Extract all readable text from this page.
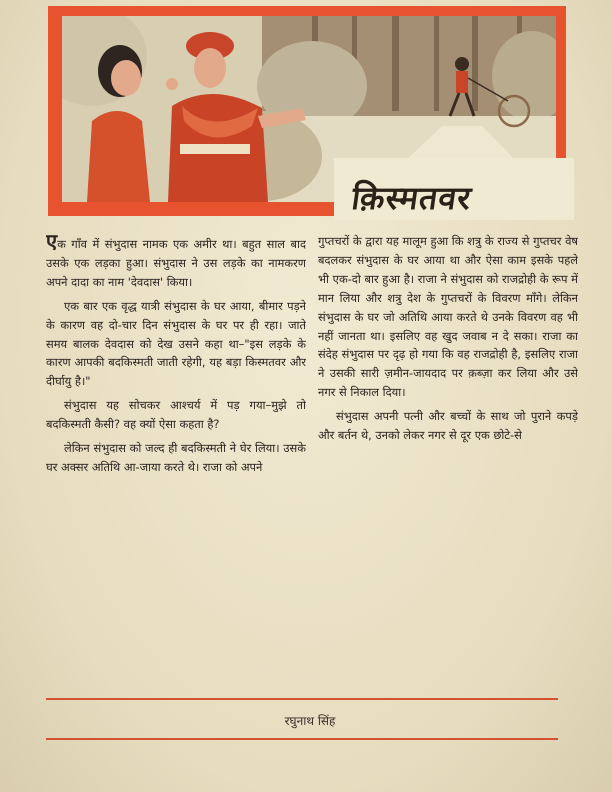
क़िस्मतवर

एक गाँव में संभुदास नामक एक अमीर था। बहुत साल बाद उसके एक लड़का हुआ। संभुदास ने उस लड़के का नामकरण अपने दादा का नाम 'देवदास' किया।

एक बार एक वृद्ध यात्री संभुदास के घर आया, बीमार पड़ने के कारण वह दो-चार दिन संभुदास के घर पर ही रहा। जाते समय बालक देवदास को देख उसने कहा था–"इस लड़के के कारण आपकी बदकिस्मती जाती रहेगी, यह बड़ा किस्मतवर और दीर्घायु है।"

संभुदास यह सोचकर आश्चर्य में पड़ गया–मुझे तो बदकिस्मती कैसी? वह क्यों ऐसा कहता है?

लेकिन संभुदास को जल्द ही बदकिस्मती ने घेर लिया। उसके घर अक्सर अतिथि आ-जाया करते थे। राजा को अपने

गुप्तचरों के द्वारा यह मालूम हुआ कि शत्रु के राज्य से गुप्तचर वेष बदलकर संभुदास के घर आया था और ऐसा काम इसके पहले भी एक-दो बार हुआ है। राजा ने संभुदास को राजद्रोही के रूप में मान लिया और शत्रु देश के गुप्तचरों के विवरण माँगे। लेकिन संभुदास के घर जो अतिथि आया करते थे उनके विवरण वह भी नहीं जानता था। इसलिए वह खुद जवाब न दे सका। राजा का संदेह संभुदास पर दृढ़ हो गया कि वह राजद्रोही है, इसलिए राजा ने उसकी सारी ज़मीन-जायदाद पर क़ब्ज़ा कर लिया और उसे नगर से निकाल दिया।

संभुदास अपनी पत्नी और बच्चों के साथ जो पुराने कपड़े और बर्तन थे, उनको लेकर नगर से दूर एक छोटे-से

रघुनाथ सिंह
